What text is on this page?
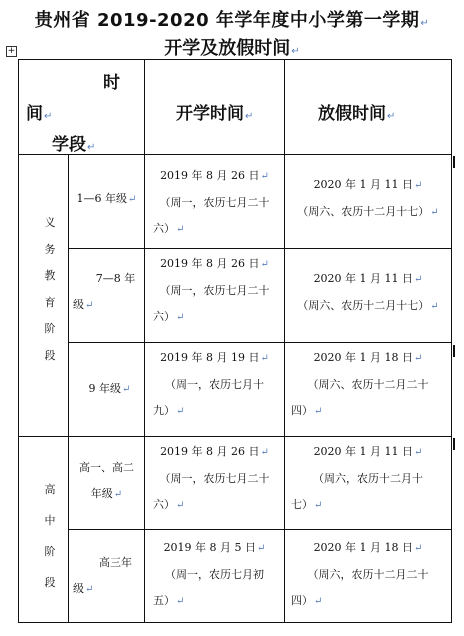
贵州省 2019-2020 年学年度中小学第一学期↵
开学及放假时间↵
+
时
间↵
学段↵
开学时间↵	放假时间↵
义
务
教
育
阶
段
高
中
阶
段
1—6 年级↵
2019 年 8 月 26 日↵
（周一，农历七月二十
六）↵
2020 年 1 月 11 日↵
（周六、农历十二月十七）↵
7—8 年
级↵
2019 年 8 月 26 日↵
（周一，农历七月二十
六）↵
2020 年 1 月 11 日↵
（周六、农历十二月十七）↵
9 年级↵
2019 年 8 月 19 日↵
（周一，农历七月十
九）↵
2020 年 1 月 18 日↵
（周六、农历十二月二十
四）↵
高一、高二
年级↵
2019 年 8 月 26 日↵
（周一，农历七月二十
六）↵
2020 年 1 月 11 日↵
（周六，农历十二月十
七）↵
高三年
级↵
2019 年 8 月 5 日↵
（周一，农历七月初
五）↵
2020 年 1 月 18 日↵
（周六，农历十二月二十
四）↵
